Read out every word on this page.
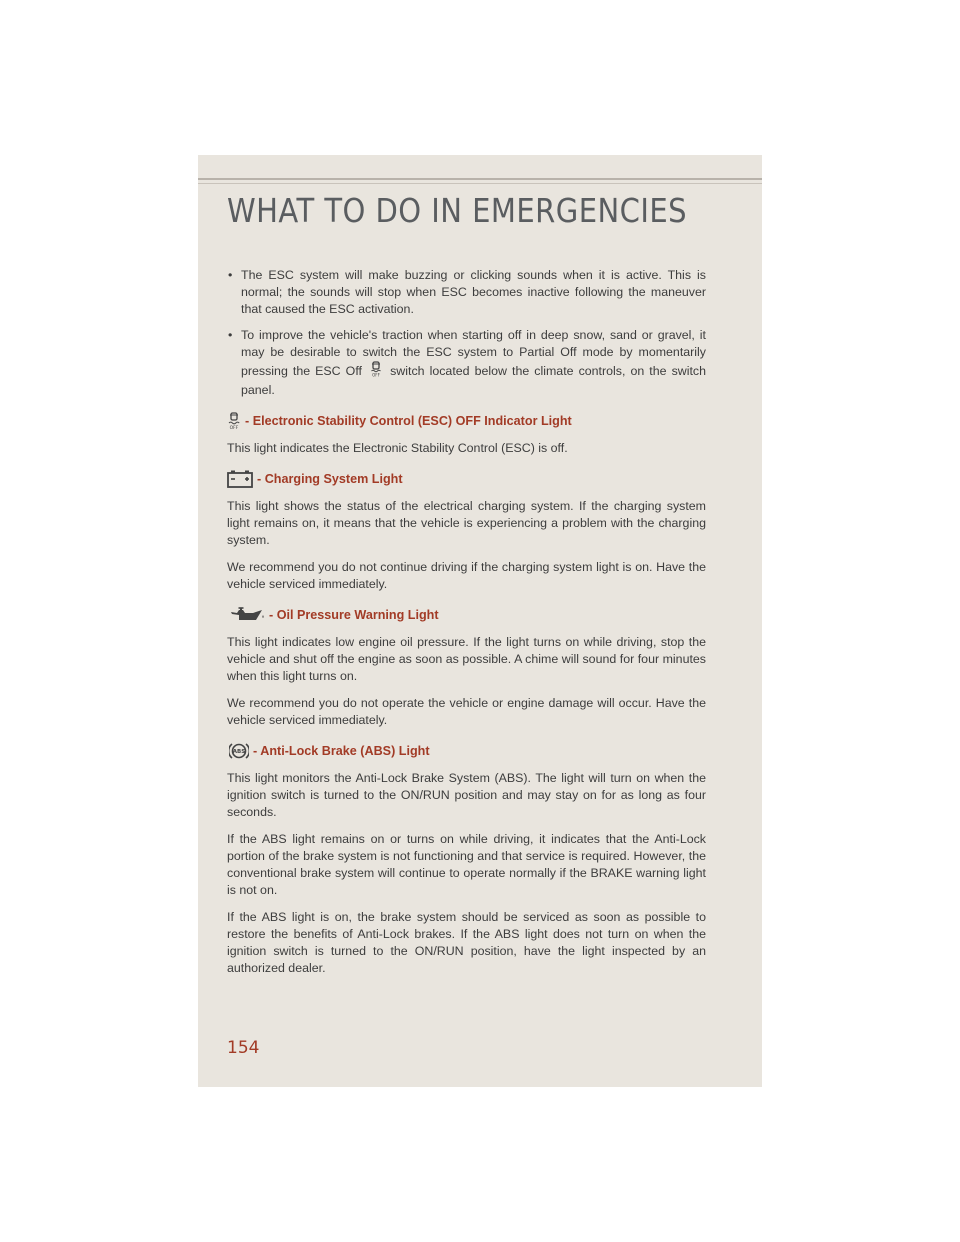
WHAT TO DO IN EMERGENCIES
• The ESC system will make buzzing or clicking sounds when it is active. This is normal; the sounds will stop when ESC becomes inactive following the maneuver that caused the ESC activation.
• To improve the vehicle's traction when starting off in deep snow, sand or gravel, it may be desirable to switch the ESC system to Partial Off mode by momentarily pressing the ESC Off	OFF switch located below the climate controls, on the switch panel.
OFF
- Electronic Stability Control (ESC) OFF Indicator Light

This light indicates the Electronic Stability Control (ESC) is off.

- Charging System Light

This light shows the status of the electrical charging system. If the charging system light remains on, it means that the vehicle is experiencing a problem with the charging system.

We recommend you do not continue driving if the charging system light is on. Have the vehicle serviced immediately.

- Oil Pressure Warning Light

This light indicates low engine oil pressure. If the light turns on while driving, stop the vehicle and shut off the engine as soon as possible. A chime will sound for four minutes when this light turns on.

We recommend you do not operate the vehicle or engine damage will occur. Have the vehicle serviced immediately.

ABS - Anti-Lock Brake (ABS) Light

This light monitors the Anti-Lock Brake System (ABS). The light will turn on when the ignition switch is turned to the ON/RUN position and may stay on for as long as four seconds.

If the ABS light remains on or turns on while driving, it indicates that the Anti-Lock portion of the brake system is not functioning and that service is required. However, the conventional brake system will continue to operate normally if the BRAKE warning light is not on.

If the ABS light is on, the brake system should be serviced as soon as possible to restore the benefits of Anti-Lock brakes. If the ABS light does not turn on when the ignition switch is turned to the ON/RUN position, have the light inspected by an authorized dealer.

154
